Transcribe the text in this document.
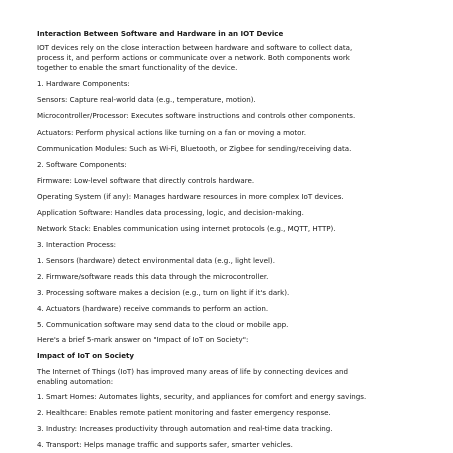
Interaction Between Software and Hardware in an IOT Device
IOT devices rely on the close interaction between hardware and software to collect data,
process it, and perform actions or communicate over a network. Both components work
together to enable the smart functionality of the device.
1. Hardware Components:
Sensors: Capture real-world data (e.g., temperature, motion).
Microcontroller/Processor: Executes software instructions and controls other components.
Actuators: Perform physical actions like turning on a fan or moving a motor.
Communication Modules: Such as Wi-Fi, Bluetooth, or Zigbee for sending/receiving data.
2. Software Components:
Firmware: Low-level software that directly controls hardware.
Operating System (if any): Manages hardware resources in more complex IoT devices.
Application Software: Handles data processing, logic, and decision-making.
Network Stack: Enables communication using internet protocols (e.g., MQTT, HTTP).
3. Interaction Process:
1. Sensors (hardware) detect environmental data (e.g., light level).
2. Firmware/software reads this data through the microcontroller.
3. Processing software makes a decision (e.g., turn on light if it's dark).
4. Actuators (hardware) receive commands to perform an action.
5. Communication software may send data to the cloud or mobile app.
Here's a brief 5-mark answer on "Impact of IoT on Society":
Impact of IoT on Society
The Internet of Things (IoT) has improved many areas of life by connecting devices and
enabling automation:
1. Smart Homes: Automates lights, security, and appliances for comfort and energy savings.
2. Healthcare: Enables remote patient monitoring and faster emergency response.
3. Industry: Increases productivity through automation and real-time data tracking.
4. Transport: Helps manage traffic and supports safer, smarter vehicles.
